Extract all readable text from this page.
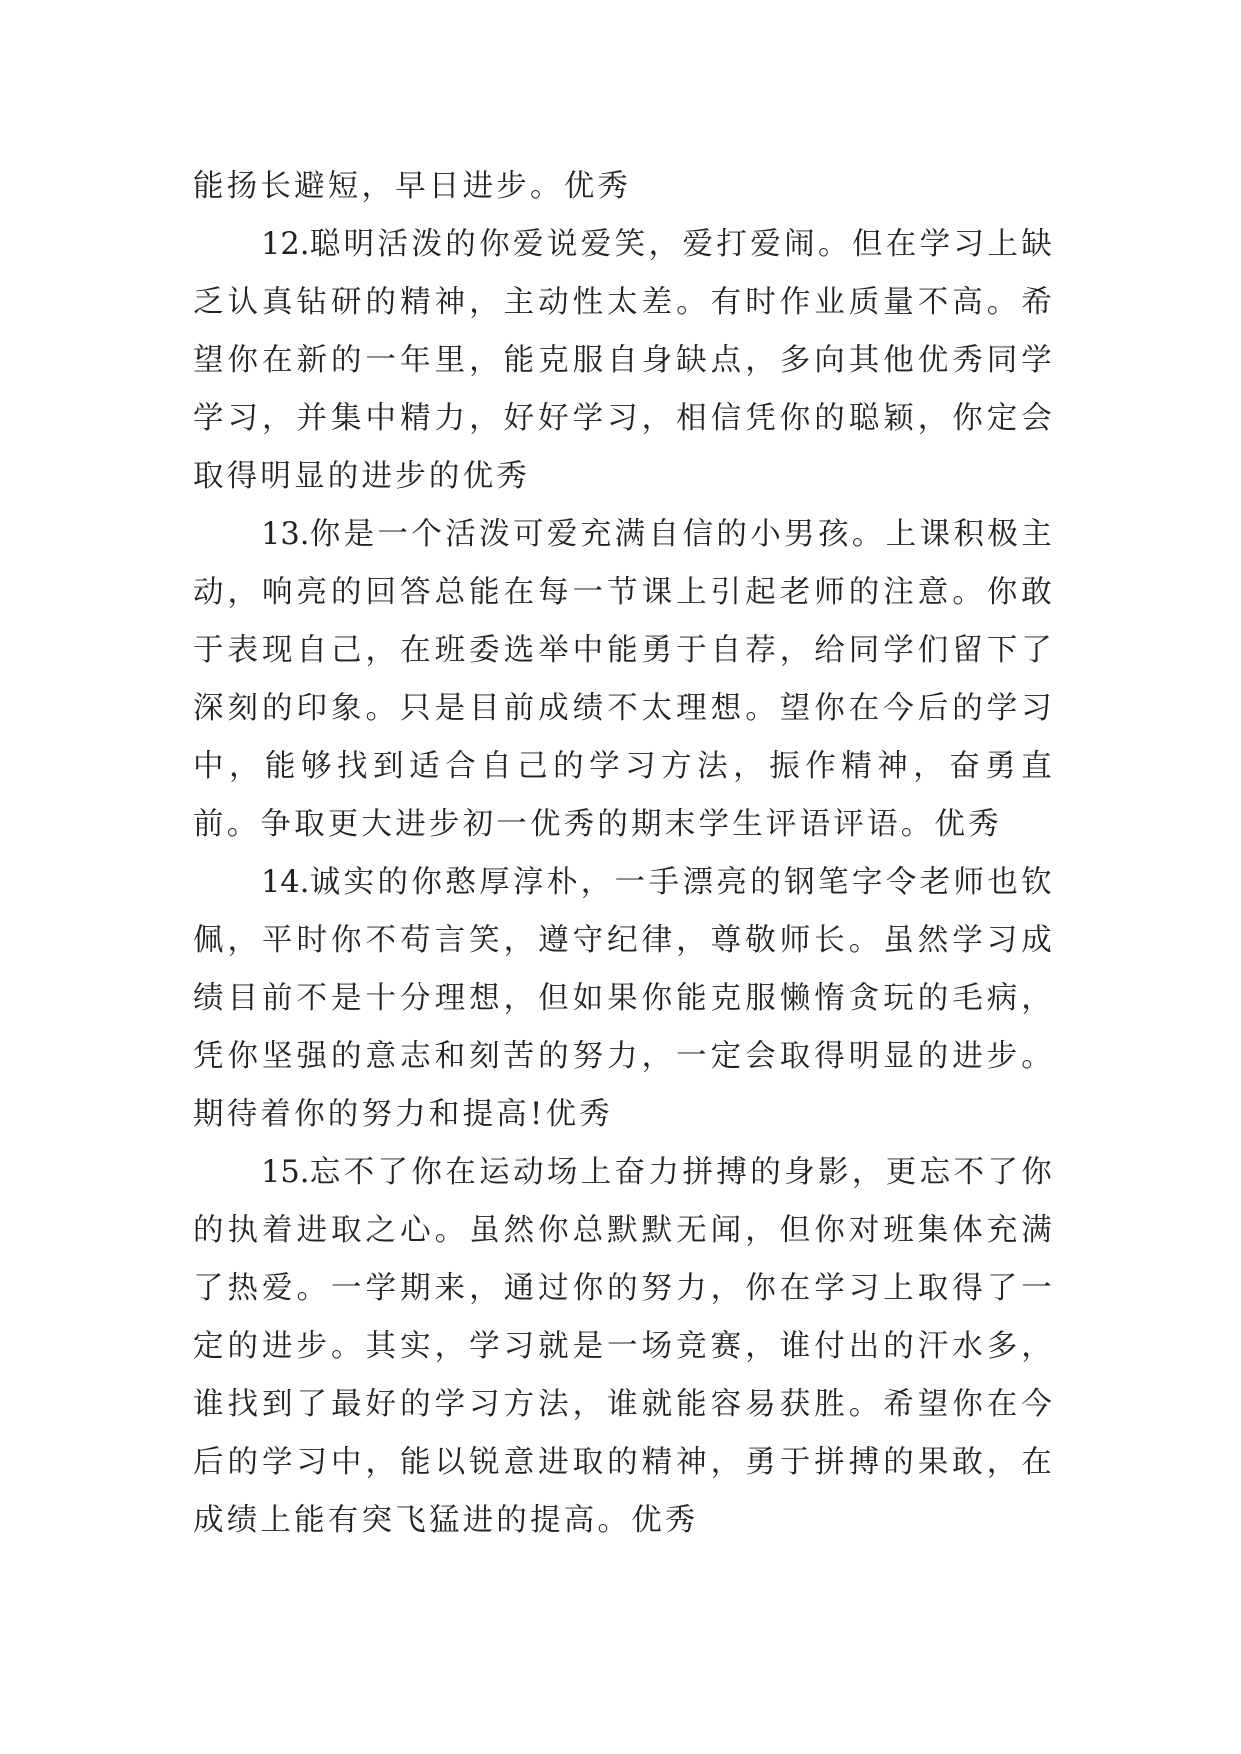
能扬长避短，早日进步。优秀

12.聪明活泼的你爱说爱笑，爱打爱闹。但在学习上缺乏认真钻研的精神，主动性太差。有时作业质量不高。希望你在新的一年里，能克服自身缺点，多向其他优秀同学学习，并集中精力，好好学习，相信凭你的聪颖，你定会取得明显的进步的优秀

13.你是一个活泼可爱充满自信的小男孩。上课积极主动，响亮的回答总能在每一节课上引起老师的注意。你敢于表现自己，在班委选举中能勇于自荐，给同学们留下了深刻的印象。只是目前成绩不太理想。望你在今后的学习中，能够找到适合自己的学习方法，振作精神，奋勇直前。争取更大进步初一优秀的期末学生评语评语。优秀

14.诚实的你憨厚淳朴，一手漂亮的钢笔字令老师也钦佩，平时你不苟言笑，遵守纪律，尊敬师长。虽然学习成绩目前不是十分理想，但如果你能克服懒惰贪玩的毛病，凭你坚强的意志和刻苦的努力，一定会取得明显的进步。期待着你的努力和提高!优秀

15.忘不了你在运动场上奋力拼搏的身影，更忘不了你的执着进取之心。虽然你总默默无闻，但你对班集体充满了热爱。一学期来，通过你的努力，你在学习上取得了一定的进步。其实，学习就是一场竞赛，谁付出的汗水多，谁找到了最好的学习方法，谁就能容易获胜。希望你在今后的学习中，能以锐意进取的精神，勇于拼搏的果敢，在成绩上能有突飞猛进的提高。优秀
